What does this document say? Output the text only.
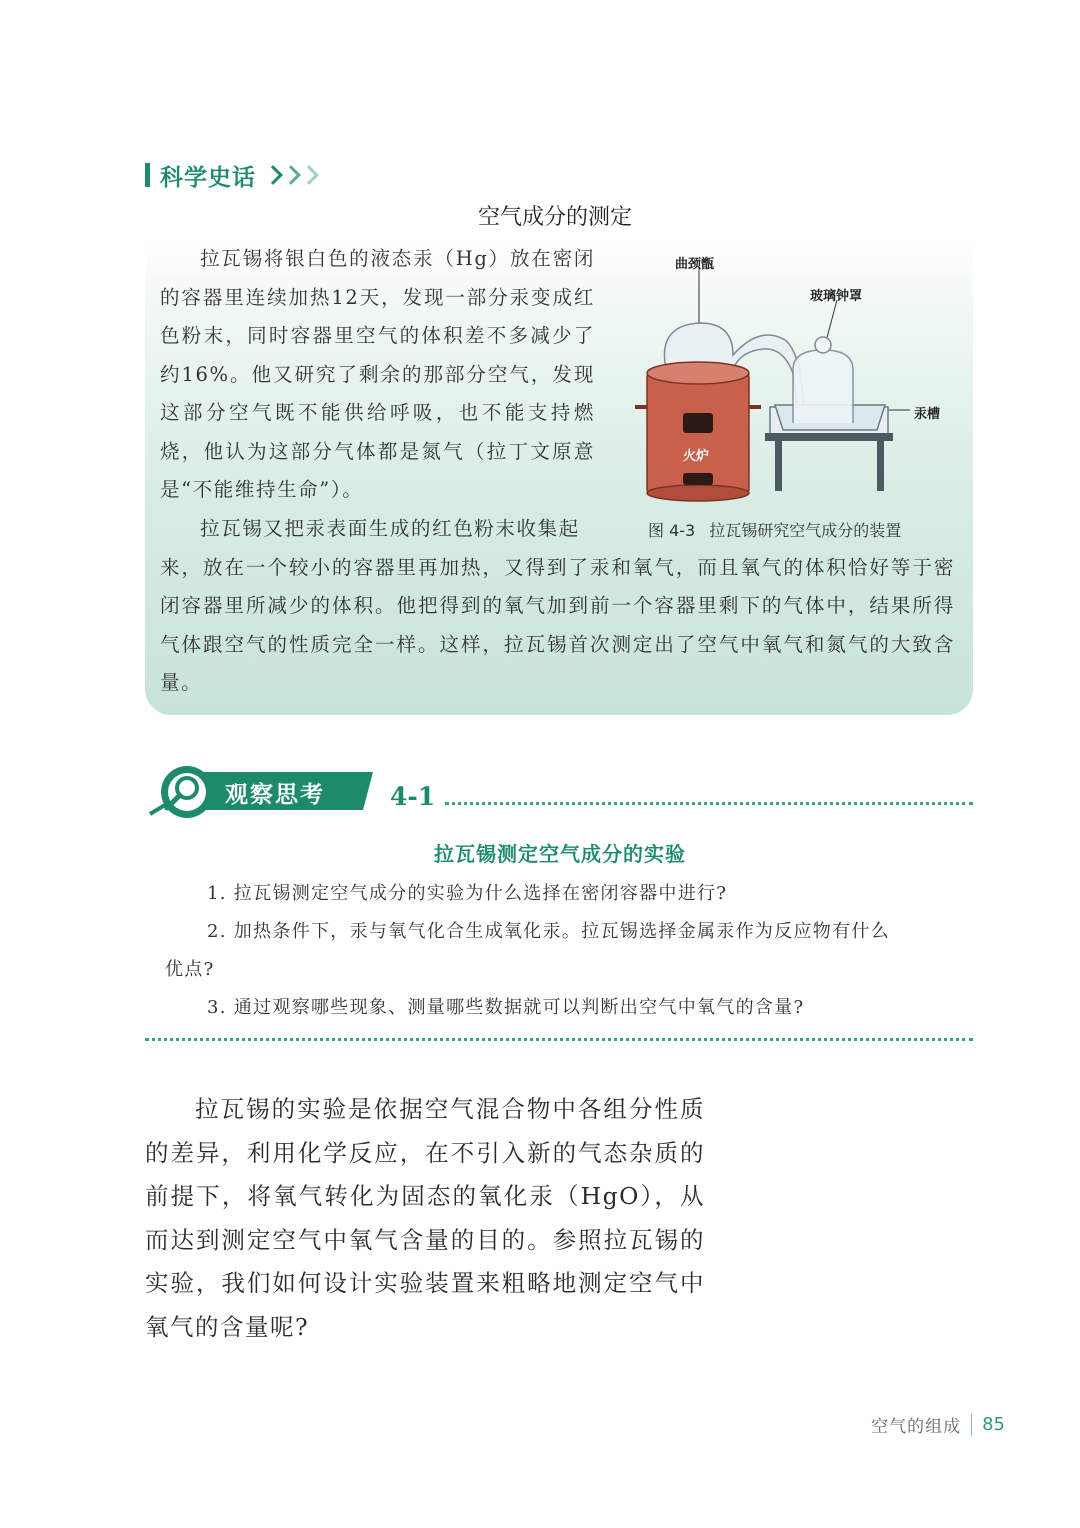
科学史话
空气成分的测定
拉瓦锡将银白色的液态汞（Hg）放在密闭的容器里连续加热12天，发现一部分汞变成红色粉末，同时容器里空气的体积差不多减少了约16%。他又研究了剩余的那部分空气，发现这部分空气既不能供给呼吸，也不能支持燃烧，他认为这部分气体都是氮气（拉丁文原意是“不能维持生命”）。
拉瓦锡又把汞表面生成的红色粉末收集起
来，放在一个较小的容器里再加热，又得到了汞和氧气，而且氧气的体积恰好等于密闭容器里所减少的体积。他把得到的氧气加到前一个容器里剩下的气体中，结果所得气体跟空气的性质完全一样。这样，拉瓦锡首次测定出了空气中氧气和氮气的大致含量。
曲颈甑
玻璃钟罩
汞槽
火炉
图 4-3 拉瓦锡研究空气成分的装置
观察思考	4-1
拉瓦锡测定空气成分的实验
1. 拉瓦锡测定空气成分的实验为什么选择在密闭容器中进行?
2. 加热条件下，汞与氧气化合生成氧化汞。拉瓦锡选择金属汞作为反应物有什么
优点?
3. 通过观察哪些现象、测量哪些数据就可以判断出空气中氧气的含量?
拉瓦锡的实验是依据空气混合物中各组分性质的差异，利用化学反应，在不引入新的气态杂质的前提下，将氧气转化为固态的氧化汞（HgO），从而达到测定空气中氧气含量的目的。参照拉瓦锡的实验，我们如何设计实验装置来粗略地测定空气中氧气的含量呢?
空气的组成 85
